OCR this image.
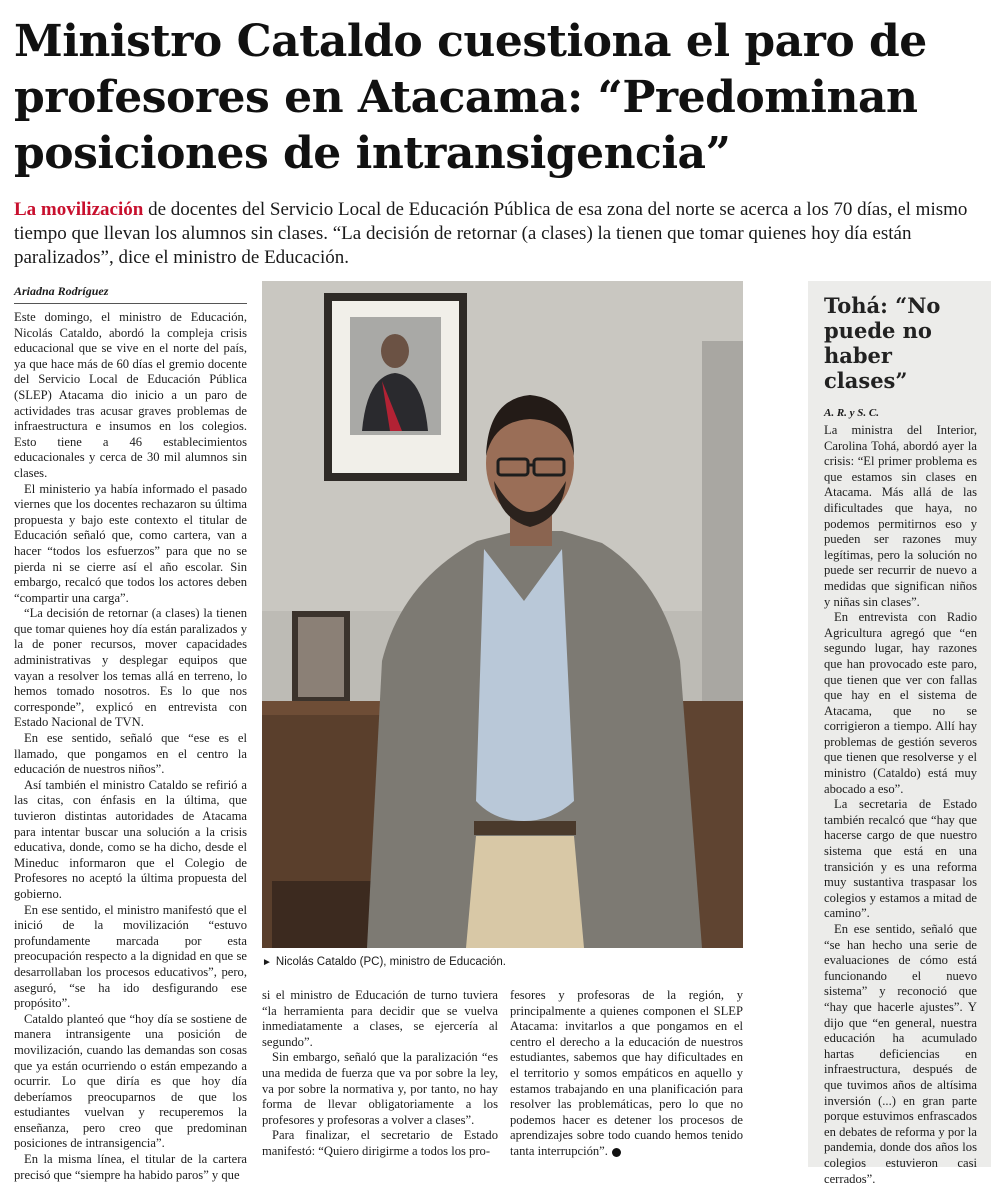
Ministro Cataldo cuestiona el paro de profesores en Atacama: “Predominan posiciones de intransigencia”
La movilización de docentes del Servicio Local de Educación Pública de esa zona del norte se acerca a los 70 días, el mismo tiempo que llevan los alumnos sin clases. “La decisión de retornar (a clases) la tienen que tomar quienes hoy día están paralizados”, dice el ministro de Educación.
Ariadna Rodríguez

Este domingo, el ministro de Educación, Nicolás Cataldo, abordó la compleja crisis educacional que se vive en el norte del país, ya que hace más de 60 días el gremio docente del Servicio Local de Educación Pública (SLEP) Atacama dio inicio a un paro de actividades tras acusar graves problemas de infraestructura e insumos en los colegios. Esto tiene a 46 establecimientos educacionales y cerca de 30 mil alumnos sin clases.

El ministerio ya había informado el pasado viernes que los docentes rechazaron su última propuesta y bajo este contexto el titular de Educación señaló que, como cartera, van a hacer “todos los esfuerzos” para que no se pierda ni se cierre así el año escolar. Sin embargo, recalcó que todos los actores deben “compartir una carga”.

“La decisión de retornar (a clases) la tienen que tomar quienes hoy día están paralizados y la de poner recursos, mover capacidades administrativas y desplegar equipos que vayan a resolver los temas allá en terreno, lo hemos tomado nosotros. Es lo que nos corresponde”, explicó en entrevista con Estado Nacional de TVN.

En ese sentido, señaló que “ese es el llamado, que pongamos en el centro la educación de nuestros niños”.

Así también el ministro Cataldo se refirió a las citas, con énfasis en la última, que tuvieron distintas autoridades de Atacama para intentar buscar una solución a la crisis educativa, donde, como se ha dicho, desde el Mineduc informaron que el Colegio de Profesores no aceptó la última propuesta del gobierno.

En ese sentido, el ministro manifestó que el inició de la movilización “estuvo profundamente marcada por esta preocupación respecto a la dignidad en que se desarrollaban los procesos educativos”, pero, aseguró, “se ha ido desfigurando ese propósito”.

Cataldo planteó que “hoy día se sostiene de manera intransigente una posición de movilización, cuando las demandas son cosas que ya están ocurriendo o están empezando a ocurrir. Lo que diría es que hoy día deberíamos preocuparnos de que los estudiantes vuelvan y recuperemos la enseñanza, pero creo que predominan posiciones de intransigencia”.

En la misma línea, el titular de la cartera precisó que “siempre ha habido paros” y que

► Nicolás Cataldo (PC), ministro de Educación.

si el ministro de Educación de turno tuviera “la herramienta para decidir que se vuelva inmediatamente a clases, se ejercería al segundo”.

Sin embargo, señaló que la paralización “es una medida de fuerza que va por sobre la ley, va por sobre la normativa y, por tanto, no hay forma de llevar obligatoriamente a los profesores y profesoras a volver a clases”.

Para finalizar, el secretario de Estado manifestó: “Quiero dirigirme a todos los pro-

fesores y profesoras de la región, y principalmente a quienes componen el SLEP Atacama: invitarlos a que pongamos en el centro el derecho a la educación de nuestros estudiantes, sabemos que hay dificultades en el territorio y somos empáticos en aquello y estamos trabajando en una planificación para resolver las problemáticas, pero lo que no podemos hacer es detener los procesos de aprendizajes sobre todo cuando hemos tenido tanta interrupción”.

Tohá: “No puede no haber clases”
A. R. y S. C.

La ministra del Interior, Carolina Tohá, abordó ayer la crisis: “El primer problema es que estamos sin clases en Atacama. Más allá de las dificultades que haya, no podemos permitirnos eso y pueden ser razones muy legítimas, pero la solución no puede ser recurrir de nuevo a medidas que significan niños y niñas sin clases”.

En entrevista con Radio Agricultura agregó que “en segundo lugar, hay razones que han provocado este paro, que tienen que ver con fallas que hay en el sistema de Atacama, que no se corrigieron a tiempo. Allí hay problemas de gestión severos que tienen que resolverse y el ministro (Cataldo) está muy abocado a eso”.

La secretaria de Estado también recalcó que “hay que hacerse cargo de que nuestro sistema que está en una transición y es una reforma muy sustantiva traspasar los colegios y estamos a mitad de camino”.

En ese sentido, señaló que “se han hecho una serie de evaluaciones de cómo está funcionando el nuevo sistema” y reconoció que “hay que hacerle ajustes”. Y dijo que “en general, nuestra educación ha acumulado hartas deficiencias en infraestructura, después de que tuvimos años de altísima inversión (...) en gran parte porque estuvimos enfrascados en debates de reforma y por la pandemia, donde dos años los colegios estuvieron casi cerrados”.
